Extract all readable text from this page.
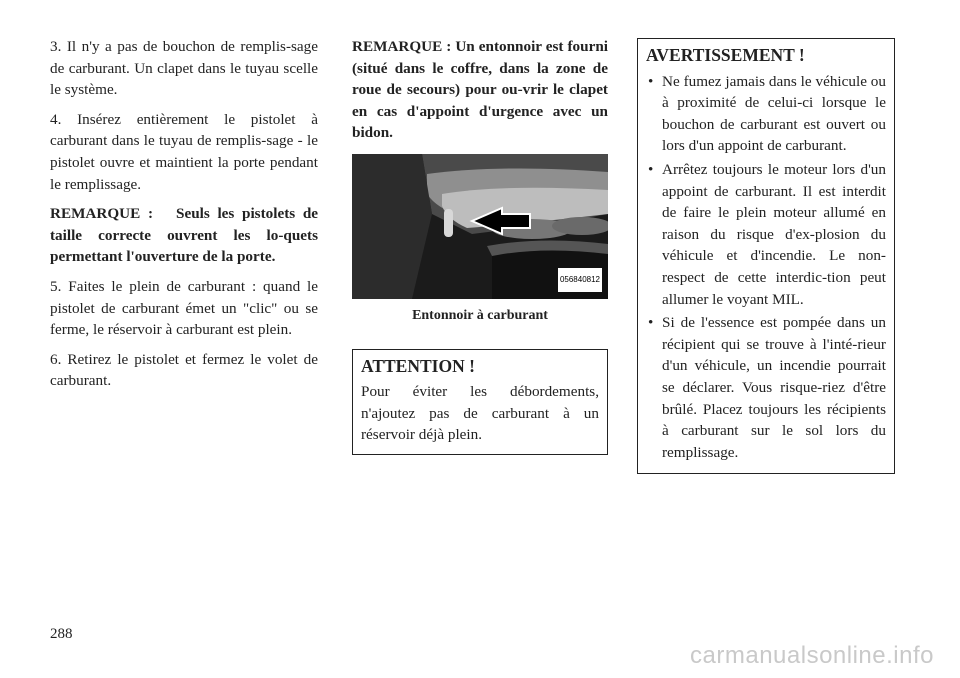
3. Il n'y a pas de bouchon de remplis-sage de carburant. Un clapet dans le tuyau scelle le système.

4. Insérez entièrement le pistolet à carburant dans le tuyau de remplis-sage - le pistolet ouvre et maintient la porte pendant le remplissage.

REMARQUE : Seuls les pistolets de taille correcte ouvrent les lo-quets permettant l'ouverture de la porte.

5. Faites le plein de carburant : quand le pistolet de carburant émet un "clic" ou se ferme, le réservoir à carburant est plein.

6. Retirez le pistolet et fermez le volet de carburant.

REMARQUE : Un entonnoir est fourni (situé dans le coffre, dans la zone de roue de secours) pour ou-vrir le clapet en cas d'appoint d'urgence avec un bidon.

056840812
Entonnoir à carburant
ATTENTION !

Pour éviter les débordements, n'ajoutez pas de carburant à un réservoir déjà plein.

AVERTISSEMENT !
• Ne fumez jamais dans le véhicule ou à proximité de celui-ci lorsque le bouchon de carburant est ouvert ou lors d'un appoint de carburant.
• Arrêtez toujours le moteur lors d'un appoint de carburant. Il est interdit de faire le plein moteur allumé en raison du risque d'ex-plosion du véhicule et d'incendie. Le non-respect de cette interdic-tion peut allumer le voyant MIL.
• Si de l'essence est pompée dans un récipient qui se trouve à l'inté-rieur d'un véhicule, un incendie pourrait se déclarer. Vous risque-riez d'être brûlé. Placez toujours les récipients à carburant sur le sol lors du remplissage.
288
carmanualsonline.info
